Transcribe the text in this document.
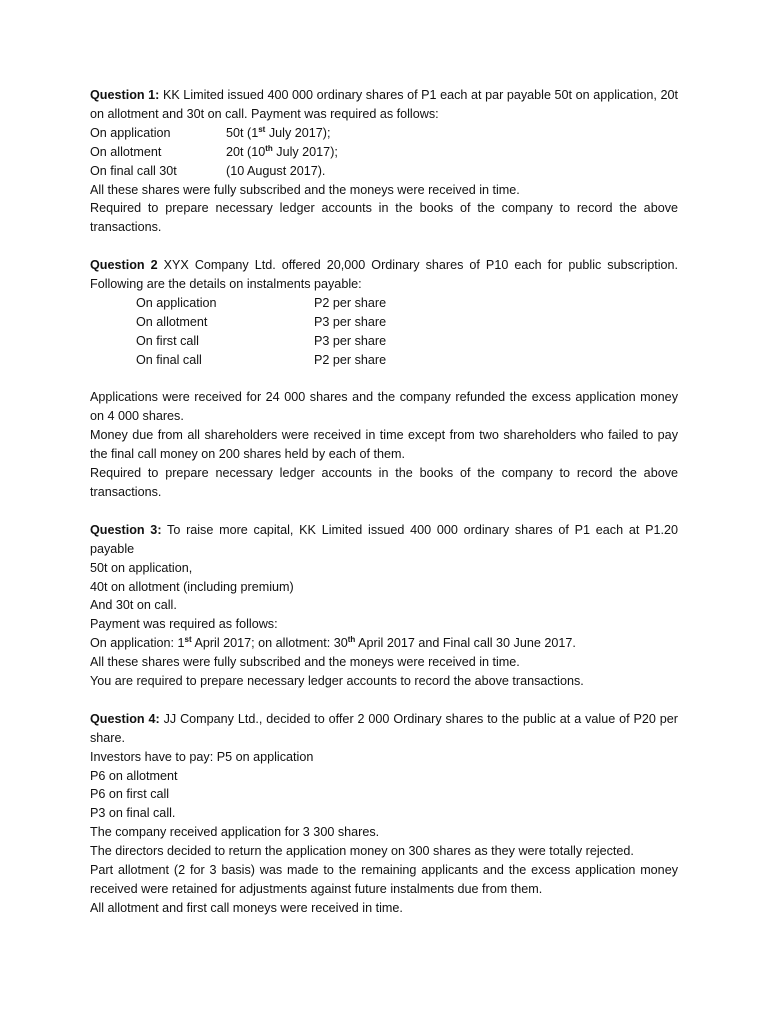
Question 1: KK Limited issued 400 000 ordinary shares of P1 each at par payable 50t on application, 20t on allotment and 30t on call. Payment was required as follows:

On application	50t (1st July 2017);
On allotment	20t (10th July 2017);
On final call 30t	(10 August 2017).

All these shares were fully subscribed and the moneys were received in time.

Required to prepare necessary ledger accounts in the books of the company to record the above transactions.

Question 2 XYX Company Ltd. offered 20,000 Ordinary shares of P10 each for public subscription. Following are the details on instalments payable:

On application	P2 per share
On allotment	P3 per share
On first call	P3 per share
On final call	P2 per share

Applications were received for 24 000 shares and the company refunded the excess application money on 4 000 shares.

Money due from all shareholders were received in time except from two shareholders who failed to pay the final call money on 200 shares held by each of them.

Required to prepare necessary ledger accounts in the books of the company to record the above transactions.

Question 3: To raise more capital, KK Limited issued 400 000 ordinary shares of P1 each at P1.20 payable

50t on application,

40t on allotment (including premium)

And 30t on call.

Payment was required as follows:

On application: 1st April 2017; on allotment: 30th April 2017 and Final call 30 June 2017.

All these shares were fully subscribed and the moneys were received in time.

You are required to prepare necessary ledger accounts to record the above transactions.

Question 4: JJ Company Ltd., decided to offer 2 000 Ordinary shares to the public at a value of P20 per share.

Investors have to pay: P5 on application

P6 on allotment

P6 on first call

P3 on final call.

The company received application for 3 300 shares.

The directors decided to return the application money on 300 shares as they were totally rejected.

Part allotment (2 for 3 basis) was made to the remaining applicants and the excess application money received were retained for adjustments against future instalments due from them.

All allotment and first call moneys were received in time.
